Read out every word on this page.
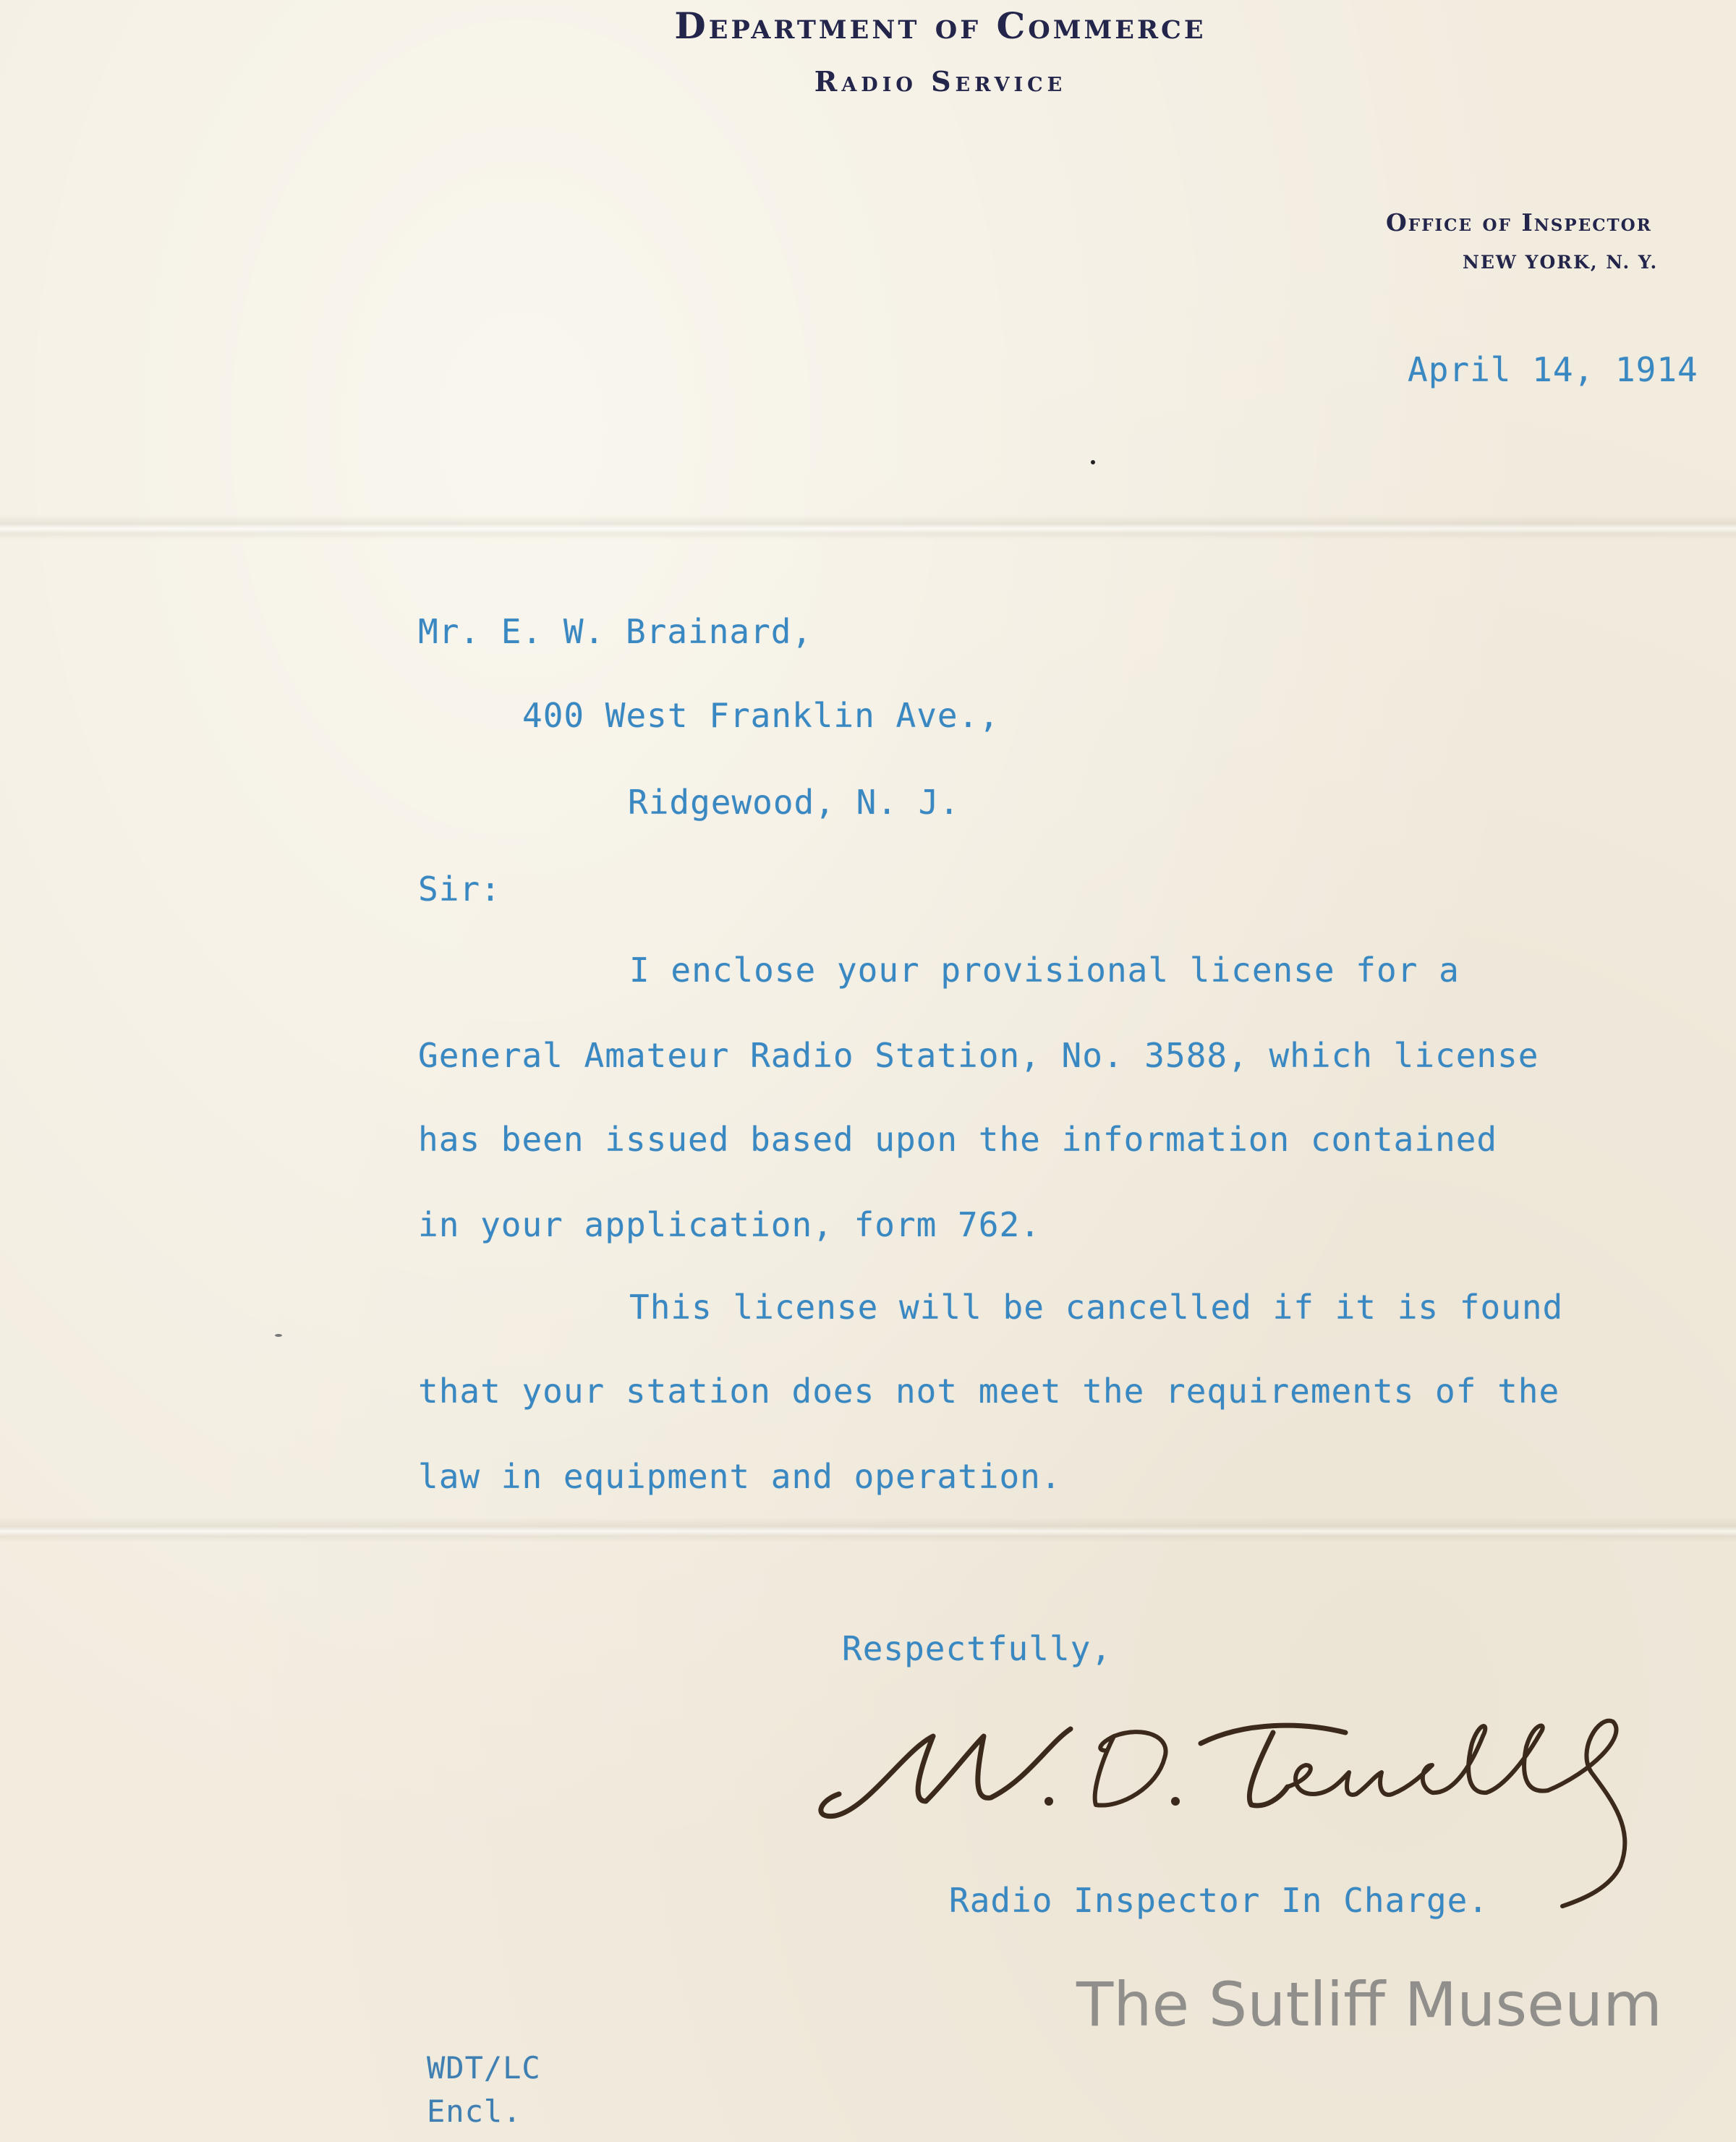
Department of Commerce
Radio Service
Office of Inspector
NEW YORK, N. Y.
April 14, 1914
Mr. E. W. Brainard,
400 West Franklin Ave.,
Ridgewood, N. J.
Sir:
I enclose your provisional license for a
General Amateur Radio Station, No. 3588, which license
has been issued based upon the information contained
in your application, form 762.
This license will be cancelled if it is found
that your station does not meet the requirements of the
law in equipment and operation.
Respectfully,
Radio Inspector In Charge.
The Sutliff Museum
WDT/LC
Encl.
